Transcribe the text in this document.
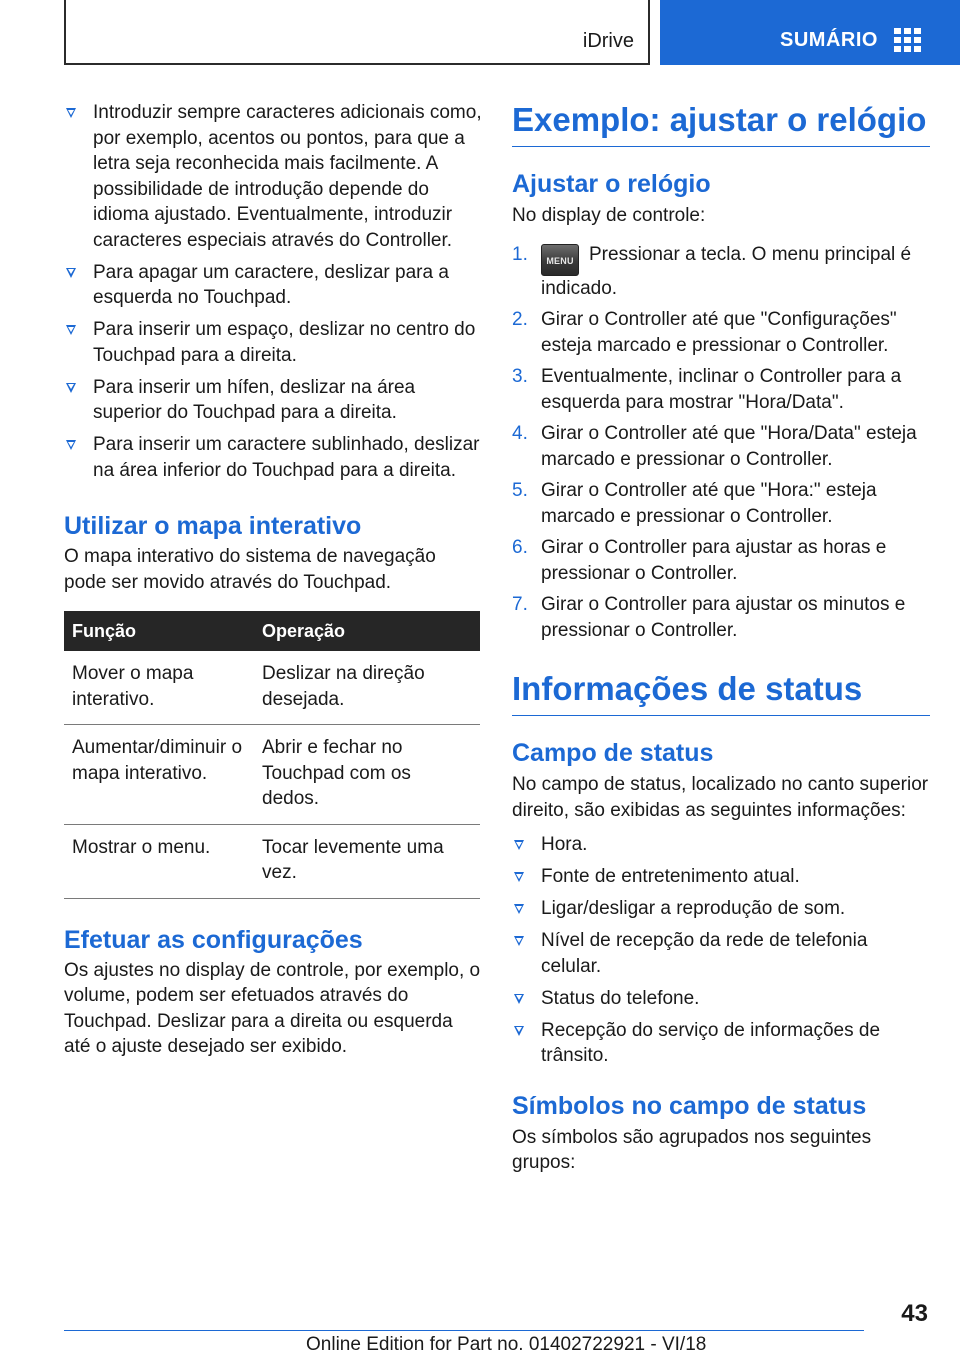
iDrive	SUMÁRIO
Introduzir sempre caracteres adicionais como, por exemplo, acentos ou pontos, para que a letra seja reconhecida mais facilmente. A possibilidade de introdução depende do idioma ajustado. Eventualmente, introduzir caracteres especiais através do Controller.
Para apagar um caractere, deslizar para a esquerda no Touchpad.
Para inserir um espaço, deslizar no centro do Touchpad para a direita.
Para inserir um hífen, deslizar na área superior do Touchpad para a direita.
Para inserir um caractere sublinhado, deslizar na área inferior do Touchpad para a direita.
Utilizar o mapa interativo

O mapa interativo do sistema de navegação pode ser movido através do Touchpad.

Função	Operação
Mover o mapa interativo.	Deslizar na direção desejada.
Aumentar/diminuir o mapa interativo.	Abrir e fechar no Touchpad com os dedos.
Mostrar o menu.	Tocar levemente uma vez.
Efetuar as configurações

Os ajustes no display de controle, por exemplo, o volume, podem ser efetuados através do Touchpad. Deslizar para a direita ou esquerda até o ajuste desejado ser exibido.

Exemplo: ajustar o relógio
Ajustar o relógio

No display de controle:

1. MENU Pressionar a tecla. O menu principal é indicado.
2. Girar o Controller até que "Configurações" esteja marcado e pressionar o Controller.
3. Eventualmente, inclinar o Controller para a esquerda para mostrar "Hora/Data".
4. Girar o Controller até que "Hora/Data" esteja marcado e pressionar o Controller.
5. Girar o Controller até que "Hora:" esteja marcado e pressionar o Controller.
6. Girar o Controller para ajustar as horas e pressionar o Controller.
7. Girar o Controller para ajustar os minutos e pressionar o Controller.
Informações de status
Campo de status

No campo de status, localizado no canto superior direito, são exibidas as seguintes informações:

Hora.
Fonte de entretenimento atual.
Ligar/desligar a reprodução de som.
Nível de recepção da rede de telefonia celular.
Status do telefone.
Recepção do serviço de informações de trânsito.
Símbolos no campo de status

Os símbolos são agrupados nos seguintes grupos:

43
Online Edition for Part no. 01402722921 - VI/18
